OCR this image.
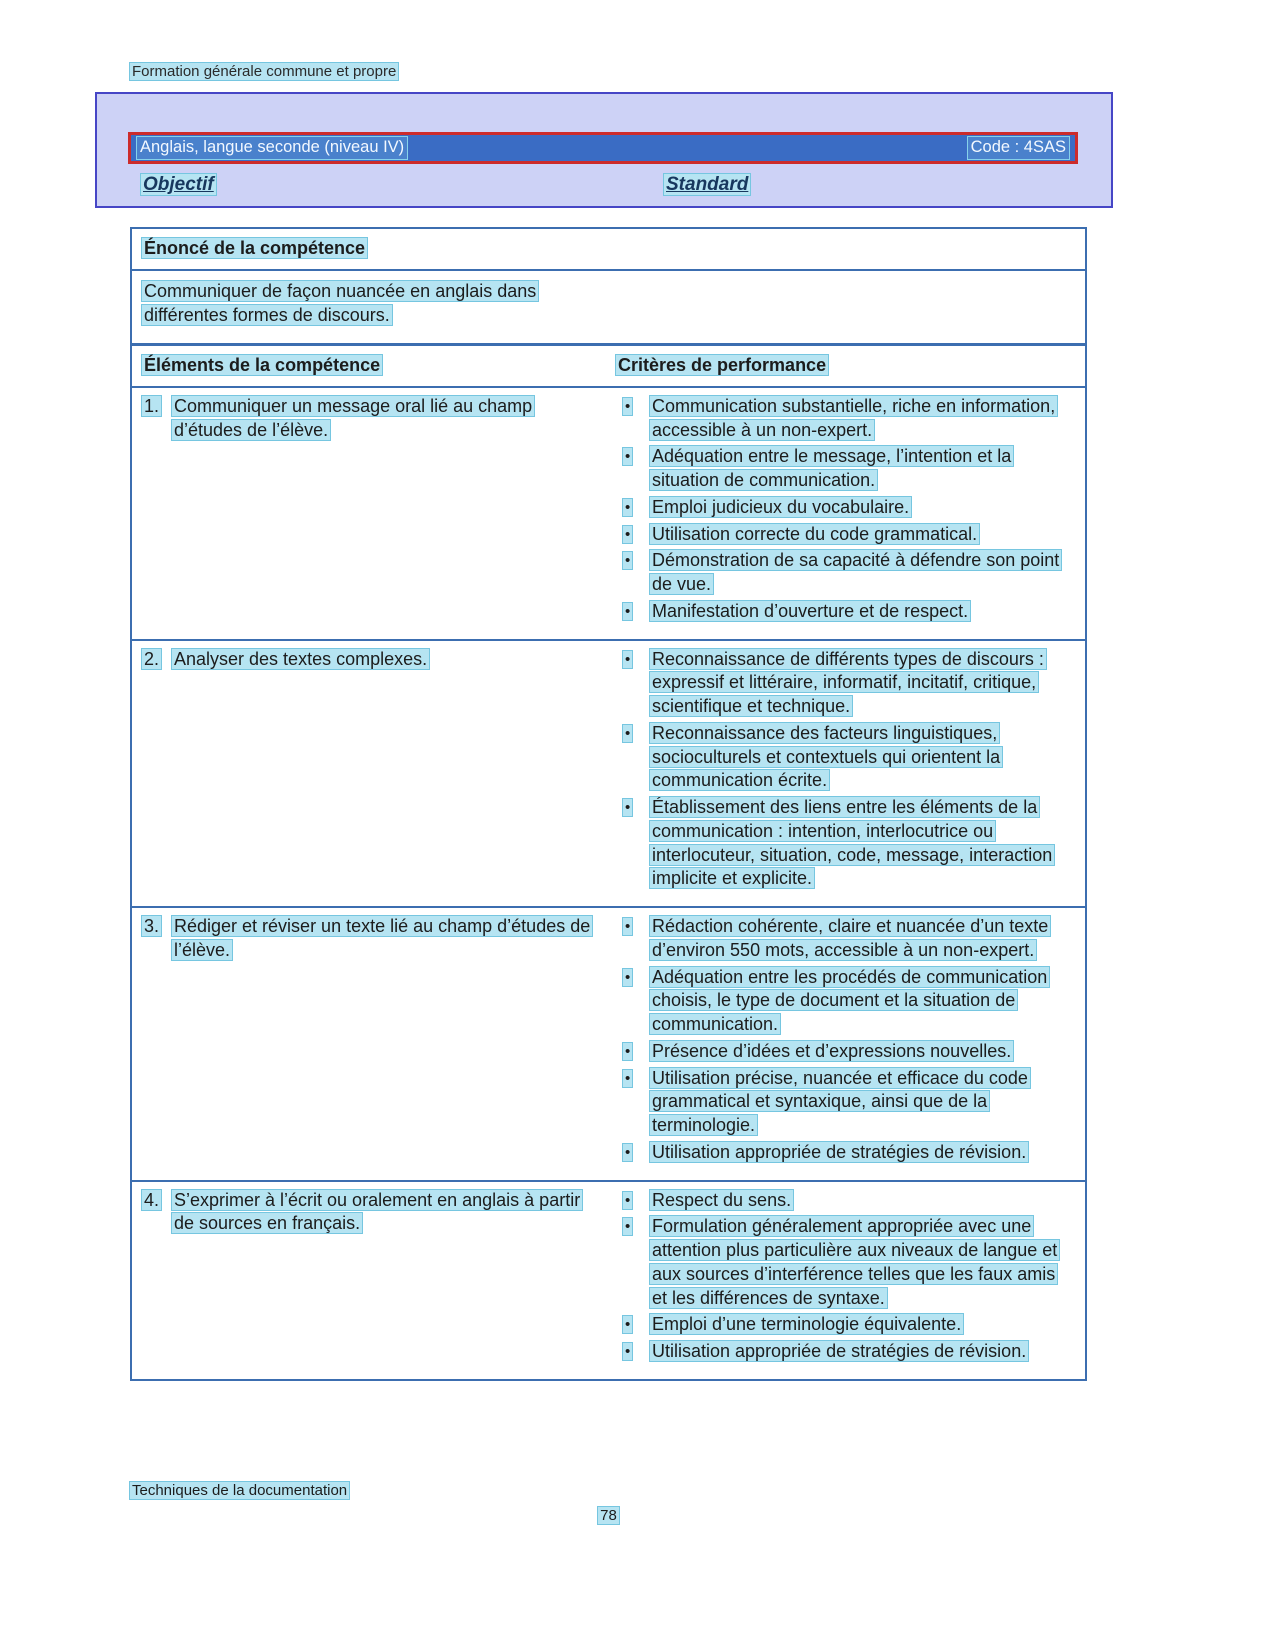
Formation générale commune et propre
Anglais, langue seconde (niveau IV)	Code : 4SAS
Objectif	Standard
Énoncé de la compétence

Communiquer de façon nuancée en anglais dans différentes formes de discours.

Éléments de la compétence	Critères de performance
1. Communiquer un message oral lié au champ d’études de l’élève.
•	Communication substantielle, riche en information, accessible à un non-expert.
•	Adéquation entre le message, l’intention et la situation de communication.
•	Emploi judicieux du vocabulaire.
•	Utilisation correcte du code grammatical.
•	Démonstration de sa capacité à défendre son point de vue.
•	Manifestation d’ouverture et de respect.
2. Analyser des textes complexes.	•	Reconnaissance de différents types de discours : expressif et littéraire, informatif, incitatif, critique, scientifique et technique.
•	Reconnaissance des facteurs linguistiques, socioculturels et contextuels qui orientent la communication écrite.
•	Établissement des liens entre les éléments de la communication : intention, interlocutrice ou interlocuteur, situation, code, message, interaction implicite et explicite.
3. Rédiger et réviser un texte lié au champ d’études de l’élève.
•	Rédaction cohérente, claire et nuancée d’un texte d’environ 550 mots, accessible à un non-expert.
•	Adéquation entre les procédés de communication choisis, le type de document et la situation de communication.
•	Présence d’idées et d’expressions nouvelles.
•	Utilisation précise, nuancée et efficace du code grammatical et syntaxique, ainsi que de la terminologie.
•	Utilisation appropriée de stratégies de révision.
4. S’exprimer à l’écrit ou oralement en anglais à partir de sources en français.
•	Respect du sens.
•	Formulation généralement appropriée avec une attention plus particulière aux niveaux de langue et aux sources d’interférence telles que les faux amis et les différences de syntaxe.
•	Emploi d’une terminologie équivalente.
•	Utilisation appropriée de stratégies de révision.
Techniques de la documentation
78
